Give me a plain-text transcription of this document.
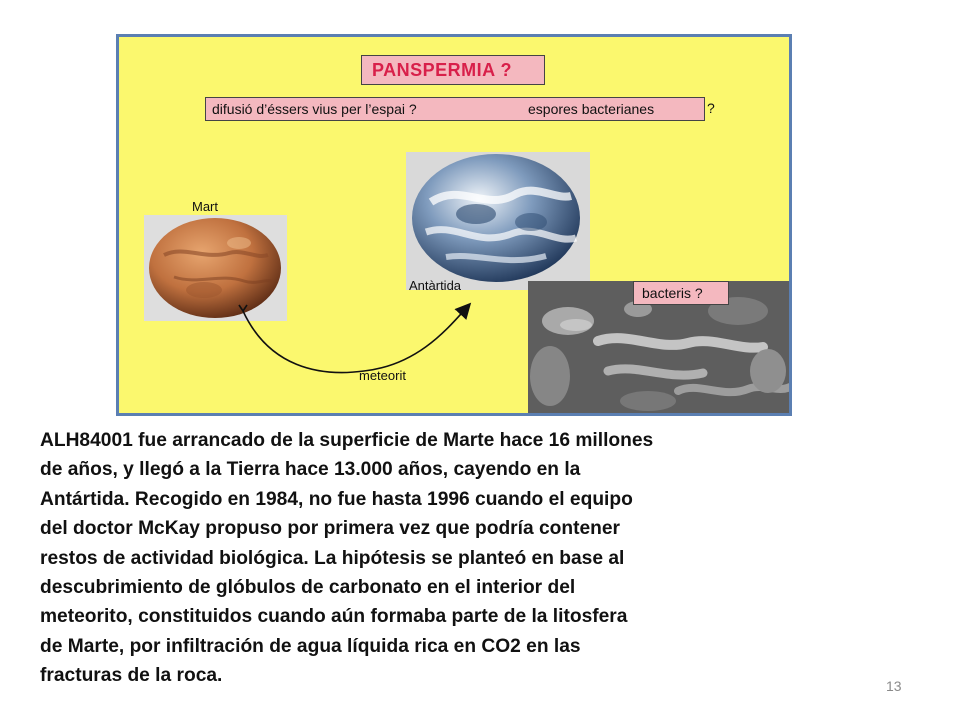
PANSPERMIA ?
difusió d’éssers vius per l’espai ?	espores bacterianes	?
Mart
Antàrtida	bacteris ?
meteorit

ALH84001 fue arrancado de la superficie de Marte hace 16 millones
de años, y llegó a la Tierra hace 13.000 años, cayendo en la
Antártida. Recogido en 1984, no fue hasta 1996 cuando el equipo
del doctor McKay propuso por primera vez que podría contener
restos de actividad biológica. La hipótesis se planteó en base al
descubrimiento de glóbulos de carbonato en el interior del
meteorito, constituidos cuando aún formaba parte de la litosfera
de Marte, por infiltración de agua líquida rica en CO2 en las
fracturas de la roca.	13
